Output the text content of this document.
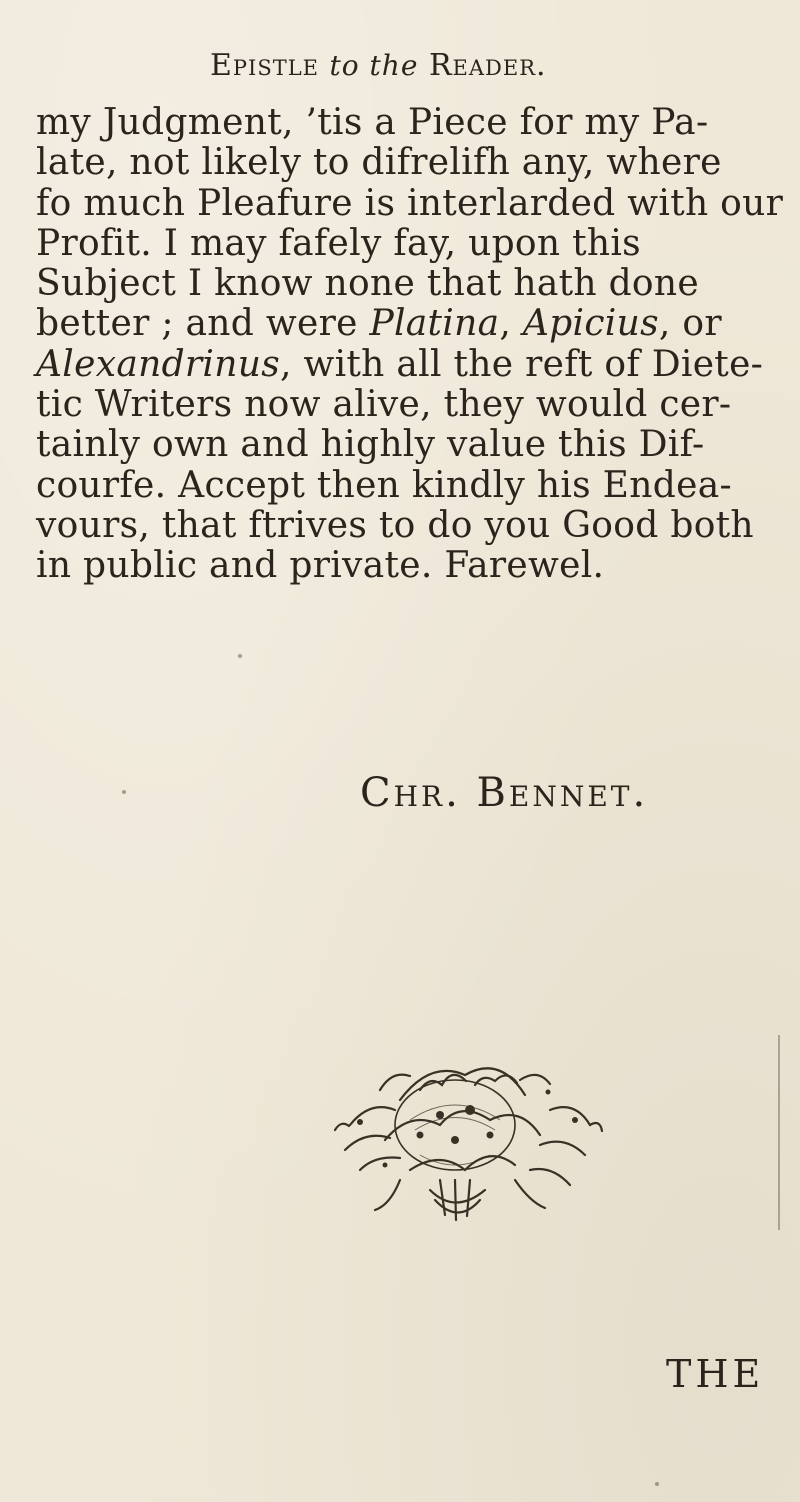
Epistle to the Reader.
my Judgment, ’tis a Piece for my Pa-
late, not likely to difrelifh any, where
fo much Pleafure is interlarded with our
Profit. I may fafely fay, upon this
Subject I know none that hath done
better ; and were Platina, Apicius, or
Alexandrinus, with all the reft of Diete-
tic Writers now alive, they would cer-
tainly own and highly value this Dif-
courfe. Accept then kindly his Endea-
vours, that ftrives to do you Good both
in public and private. Farewel.
Chr. Bennet.
THE
